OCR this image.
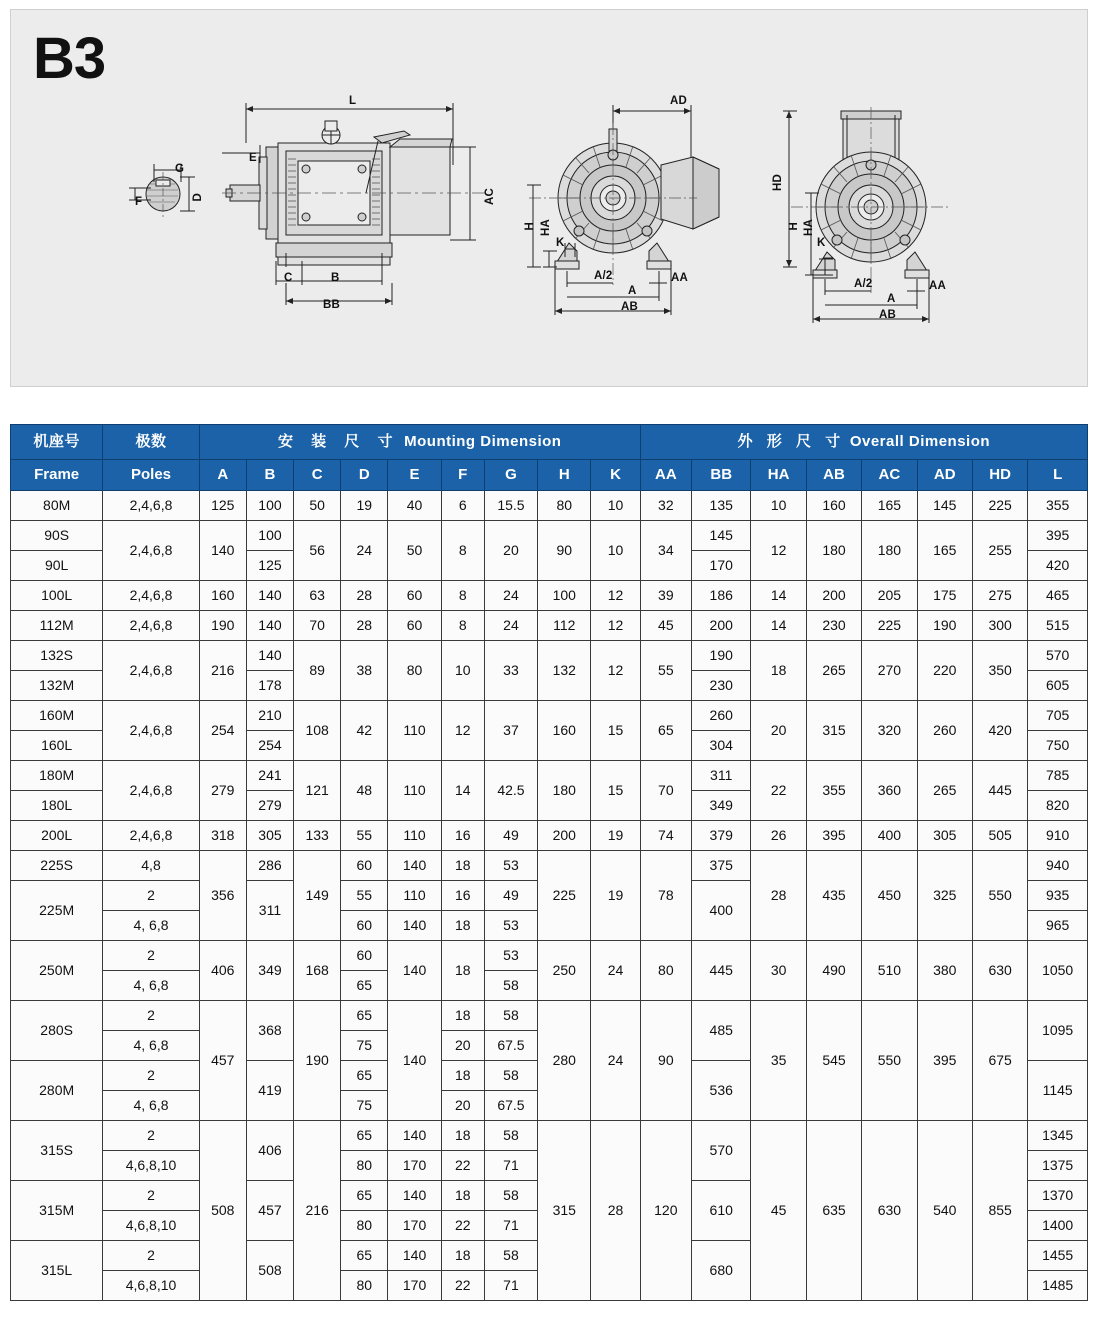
B3
L
E
G
F	D
C	B
BB
AC
AD
H HA
K
A/2
A
AB
AA
HD
H HA
K
A/2
A
AB
AA
机座号	极数	安 装 尺 寸 Mounting Dimension									外 形 尺 寸 Overall Dimension							
Frame	Poles	A	B	C	D	E	F	G	H	K	AA	BB	HA	AB	AC	AD	HD	L
80M	2,4,6,8	125	100	50	19	40	6	15.5	80	10	32	135	10	160	165	145	225	355
90S	2,4,6,8	140	100	56	24	50	8	20	90	10	34	145	12	180	180	165	255	395
90L			125									170						420
100L	2,4,6,8	160	140	63	28	60	8	24	100	12	39	186	14	200	205	175	275	465
112M	2,4,6,8	190	140	70	28	60	8	24	112	12	45	200	14	230	225	190	300	515
132S	2,4,6,8	216	140	89	38	80	10	33	132	12	55	190	18	265	270	220	350	570
132M			178									230						605
160M	2,4,6,8	254	210	108	42	110	12	37	160	15	65	260	20	315	320	260	420	705
160L			254									304						750
180M	2,4,6,8	279	241	121	48	110	14	42.5	180	15	70	311	22	355	360	265	445	785
180L			279									349						820
200L	2,4,6,8	318	305	133	55	110	16	49	200	19	74	379	26	395	400	305	505	910
225S	4,8	356	286	149	60	140	18	53	225	19	78	375	28	435	450	325	550	940
225M	2		311		55	110	16	49				400						935
	4, 6,8				60	140	18	53										965
250M	2	406	349	168	60	140	18	53	250	24	80	445	30	490	510	380	630	1050
	4, 6,8				65			58										
280S	2	457	368	190	65	140	18	58	280	24	90	485	35	545	550	395	675	1095
	4, 6,8				75		20	67.5										
280M	2		419		65		18	58				536						1145
	4, 6,8				75		20	67.5										
315S	2	508	406	216	65	140	18	58	315	28	120	570	45	635	630	540	855	1345
	4,6,8,10				80	170	22	71										1375
315M	2		457		65	140	18	58				610						1370
	4,6,8,10				80	170	22	71										1400
315L	2		508		65	140	18	58				680						1455
	4,6,8,10				80	170	22	71										1485
